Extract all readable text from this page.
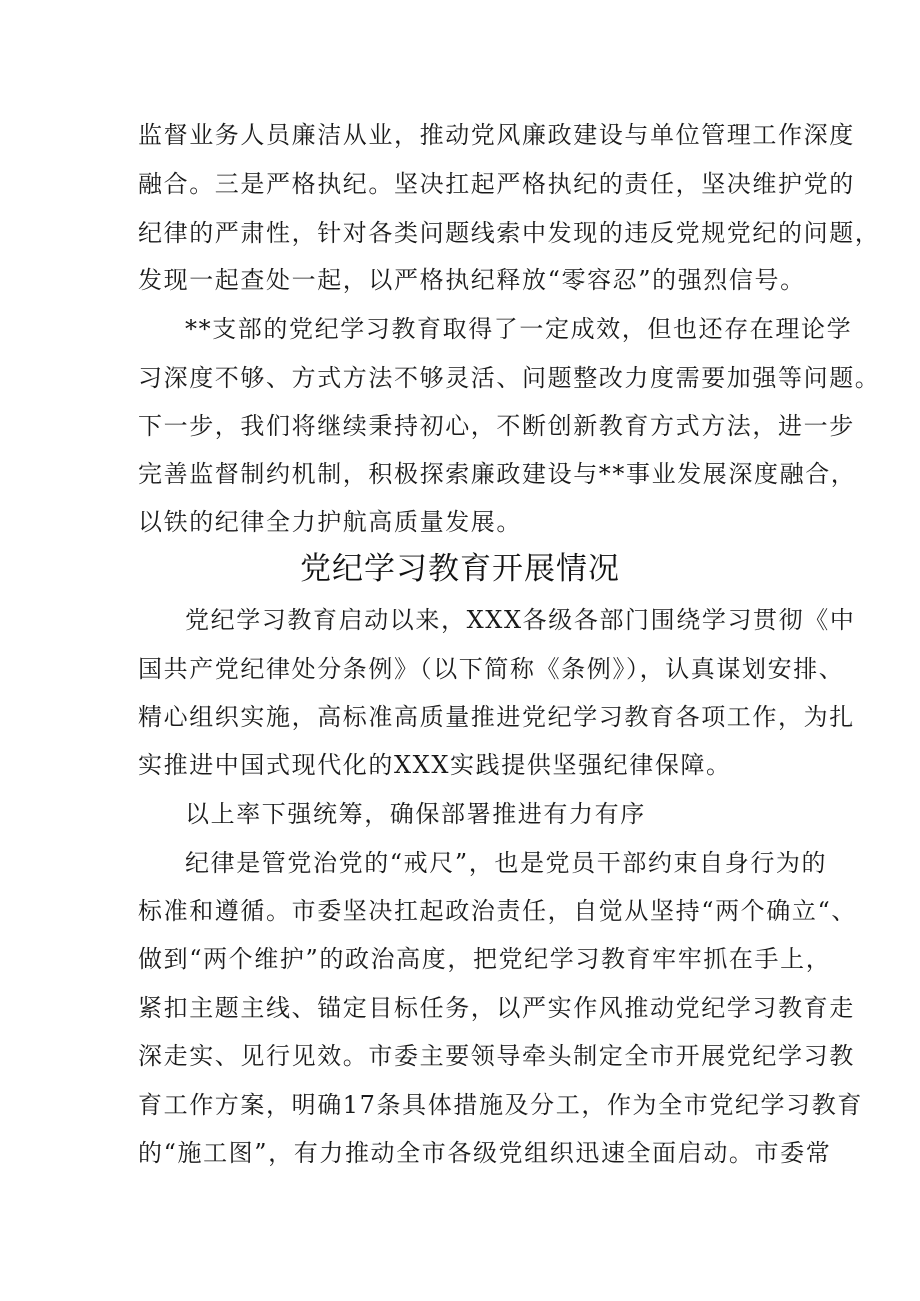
监督业务人员廉洁从业，推动党风廉政建设与单位管理工作深度
融合。三是严格执纪。坚决扛起严格执纪的责任，坚决维护党的
纪律的严肃性，针对各类问题线索中发现的违反党规党纪的问题，
发现一起查处一起，以严格执纪释放“零容忍”的强烈信号。
**支部的党纪学习教育取得了一定成效，但也还存在理论学
习深度不够、方式方法不够灵活、问题整改力度需要加强等问题。
下一步，我们将继续秉持初心，不断创新教育方式方法，进一步
完善监督制约机制，积极探索廉政建设与**事业发展深度融合，
以铁的纪律全力护航高质量发展。
党纪学习教育开展情况
党纪学习教育启动以来，XXX各级各部门围绕学习贯彻《中
国共产党纪律处分条例》（以下简称《条例》），认真谋划安排、
精心组织实施，高标准高质量推进党纪学习教育各项工作，为扎
实推进中国式现代化的XXX实践提供坚强纪律保障。
以上率下强统筹，确保部署推进有力有序
纪律是管党治党的“戒尺”，也是党员干部约束自身行为的
标准和遵循。市委坚决扛起政治责任，自觉从坚持“两个确立“、
做到“两个维护”的政治高度，把党纪学习教育牢牢抓在手上，
紧扣主题主线、锚定目标任务，以严实作风推动党纪学习教育走
深走实、见行见效。市委主要领导牵头制定全市开展党纪学习教
育工作方案，明确17条具体措施及分工，作为全市党纪学习教育
的“施工图”，有力推动全市各级党组织迅速全面启动。市委常
